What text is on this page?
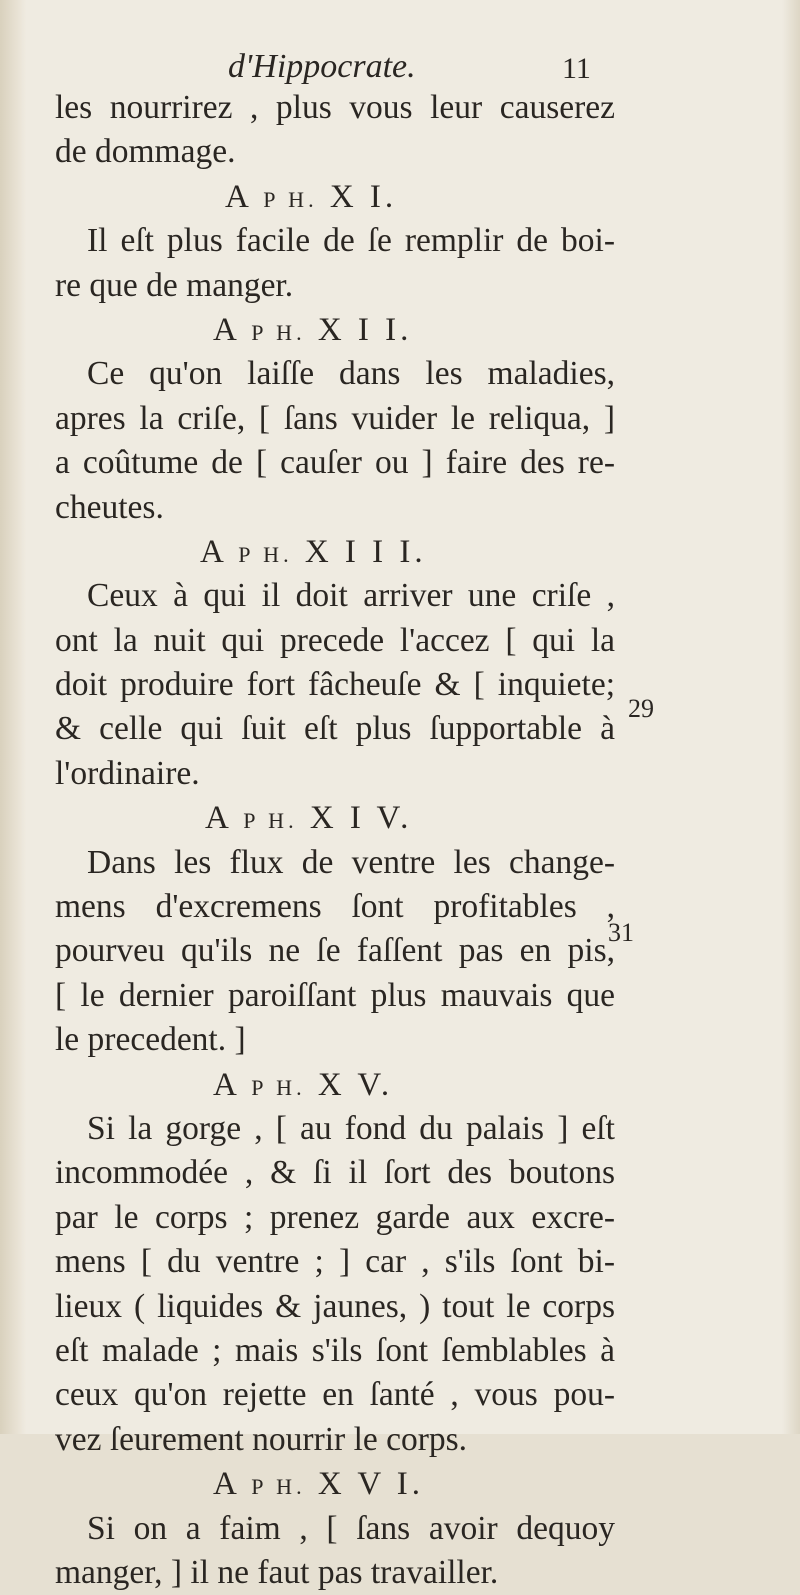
d'Hippocrate.	11
29
31
les nourrirez , plus vous leur causerez
de dommage.
A P H. X I.
Il eſt plus facile de ſe remplir de boi-
re que de manger.
A P H. X I I.
Ce qu'on laiſſe dans les maladies,
apres la criſe, [ ſans vuider le reliqua, ]
a coûtume de [ cauſer ou ] faire des re-
cheutes.
A P H. X I I I.
Ceux à qui il doit arriver une criſe ,
ont la nuit qui precede l'accez [ qui la
doit produire fort fâcheuſe & [ inquiete;
& celle qui ſuit eſt plus ſupportable à
l'ordinaire.
A P H. X I V.
Dans les flux de ventre les change-
mens d'excremens ſont profitables ,
pourveu qu'ils ne ſe faſſent pas en pis,
[ le dernier paroiſſant plus mauvais que
le precedent. ]
A P H. X V.
Si la gorge , [ au fond du palais ] eſt
incommodée , & ſi il ſort des boutons
par le corps ; prenez garde aux excre-
mens [ du ventre ; ] car , s'ils ſont bi-
lieux ( liquides & jaunes, ) tout le corps
eſt malade ; mais s'ils ſont ſemblables à
ceux qu'on rejette en ſanté , vous pou-
vez ſeurement nourrir le corps.
A P H. X V I.
Si on a faim , [ ſans avoir dequoy
manger, ] il ne faut pas travailler.
